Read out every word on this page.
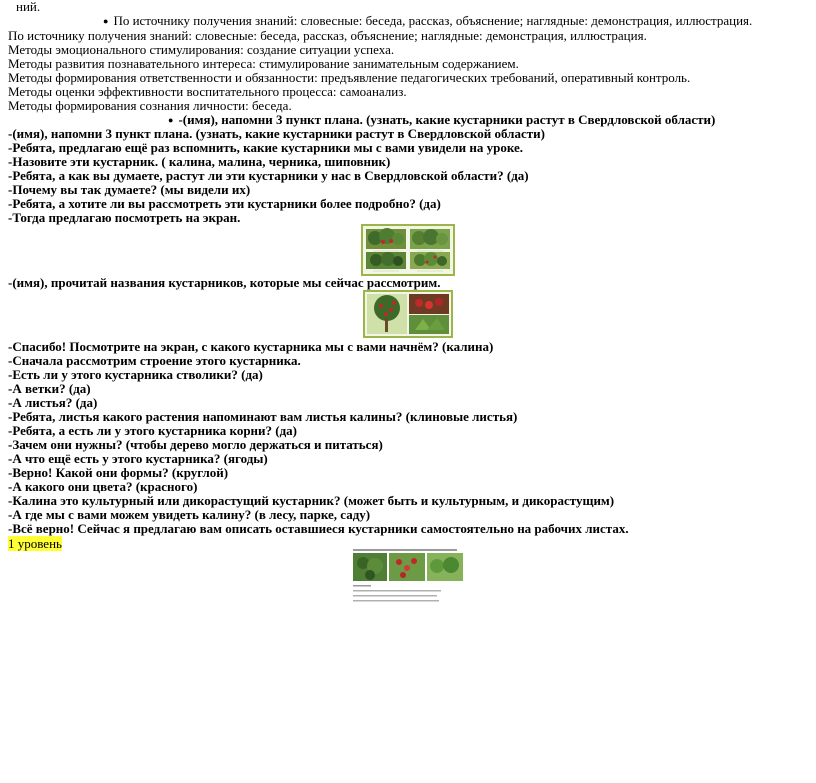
ний.
● По источнику получения знаний: словесные: беседа, рассказ, объяснение; наглядные: демонстрация, иллюстрация.
По источнику получения знаний: словесные: беседа, рассказ, объяснение; наглядные: демонстрация, иллюстрация.
Методы эмоционального стимулирования: создание ситуации успеха.
Методы развития познавательного интереса: стимулирование занимательным содержанием.
Методы формирования ответственности и обязанности: предъявление педагогических требований, оперативный контроль.
Методы оценки эффективности воспитательного процесса: самоанализ.
Методы формирования сознания личности: беседа.
● -(имя), напомни 3 пункт плана. (узнать, какие кустарники растут в Свердловской области)
-(имя), напомни 3 пункт плана. (узнать, какие кустарники растут в Свердловской области)
-Ребята, предлагаю ещё раз вспомнить, какие кустарники мы с вами увидели на уроке.
-Назовите эти кустарник. ( калина, малина, черника, шиповник)
-Ребята, а как вы думаете, растут ли эти кустарники у нас в Свердловской области? (да)
-Почему вы так думаете? (мы видели их)
-Ребята, а хотите ли вы рассмотреть эти кустарники более подробно? (да)
-Тогда предлагаю посмотреть на экран.
-(имя), прочитай названия кустарников, которые мы сейчас рассмотрим.
-Спасибо! Посмотрите на экран, с какого кустарника мы с вами начнём? (калина)
-Сначала рассмотрим строение этого кустарника.
-Есть ли у этого кустарника стволики? (да)
-А ветки? (да)
-А листья? (да)
-Ребята, листья какого растения напоминают вам листья калины? (клиновые листья)
-Ребята, а есть ли у этого кустарника корни? (да)
-Зачем они нужны? (чтобы дерево могло держаться и питаться)
-А что ещё есть у этого кустарника? (ягоды)
-Верно! Какой они формы? (круглой)
-А какого они цвета? (красного)
-Калина это культурный или дикорастущий кустарник? (может быть и культурным, и дикорастущим)
-А где мы с вами можем увидеть калину? (в лесу, парке, саду)
-Всё верно! Сейчас я предлагаю вам описать оставшиеся кустарники самостоятельно на рабочих листах.
1 уровень
